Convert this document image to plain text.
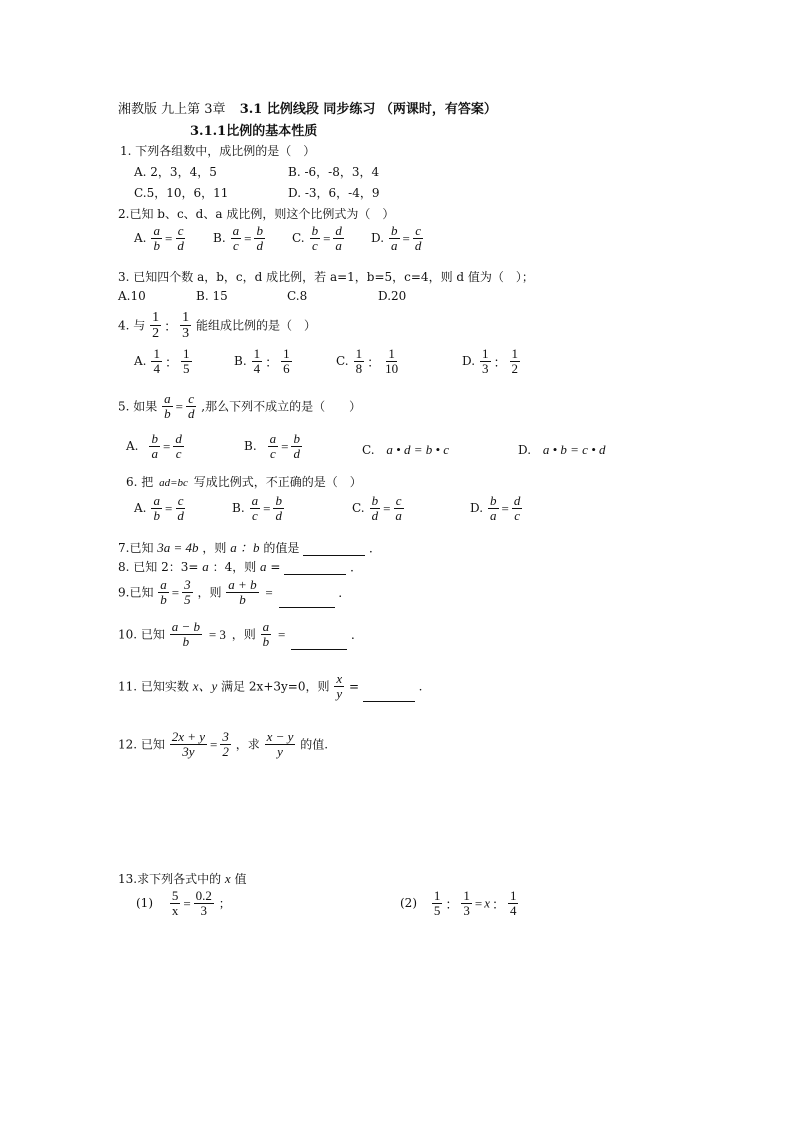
湘教版 九上第 3章 3.1 比例线段 同步练习 （两课时，有答案）
3.1.1比例的基本性质
1. 下列各组数中，成比例的是（　）
A. 2，3，4，5	B. -6，-8，3，4
C.5，10，6，11	D. -3，6，-4，9
2.已知 b、c、d、a 成比例，则这个比例式为（　）
A. $\frac{a}{b} = \frac{c}{d} B$. $\frac{a}{c} = \frac{b}{d} C$. $\frac{b}{c} = \frac{d}{a} D$. $\frac{b}{a} = \frac{c}{d}$
3. 已知四个数 a，b，c，d 成比例，若 a=1，b=5，c=4，则 d 值为（　）；
A.10	B. 15	C.8	D.20
4. 与 $\frac{1}{2}$ ： $\frac{1}{3}$ 能组成比例的是（　）
A. $\frac{1}{4}$ ： $\frac{1}{5}$	B. $\frac{1}{4}$ ： $\frac{1}{6}$	C. $\frac{1}{8}$ ： $\frac{1}{10}$	D. $\frac{1}{3}$ ： $\frac{1}{2}$
5. 如果 $\frac{a}{b} = \frac{c}{d}$ ,那么下列不成立的是（　　）
A. $\frac{b}{a} = \frac{d}{c}$	B. $\frac{a}{c} = \frac{b}{d}$	C. a • d = b • c	D. a • b = c • d
6. 把 ad=bc 写成比例式，不正确的是（　）
A. $\frac{a}{b} = \frac{c}{d}$	B. $\frac{a}{c} = \frac{b}{d}$	C. $\frac{b}{d} = \frac{c}{a}$	D. $\frac{b}{a} = \frac{d}{c}$
7.已知 3a = 4b ，则 a ：b 的值是	．
8. 已知 2：3= a ：4，则 a =	．
9.已知 $\frac{a}{b} = \frac{3}{5}$ ，则 $\frac{a + b}{b}$ =	．
10. 已知 $\frac{a - b}{b} = 3$ ，则 $\frac{a}{b}$ =	．
11. 已知实数 x、y 满足 2x+3y=0，则 $\frac{x}{y}$ =	.
12. 已知 $\frac{2x + y}{3y} = \frac{3}{2}$ ，求 $\frac{x - y}{y}$ 的值.
13.求下列各式中的 x 值
$(1) \frac{5}{x} = \frac{0.2}{3}$ ；	$(2) \frac{1}{5}$ ： $\frac{1}{3} = x$ ： $\frac{1}{4}$
